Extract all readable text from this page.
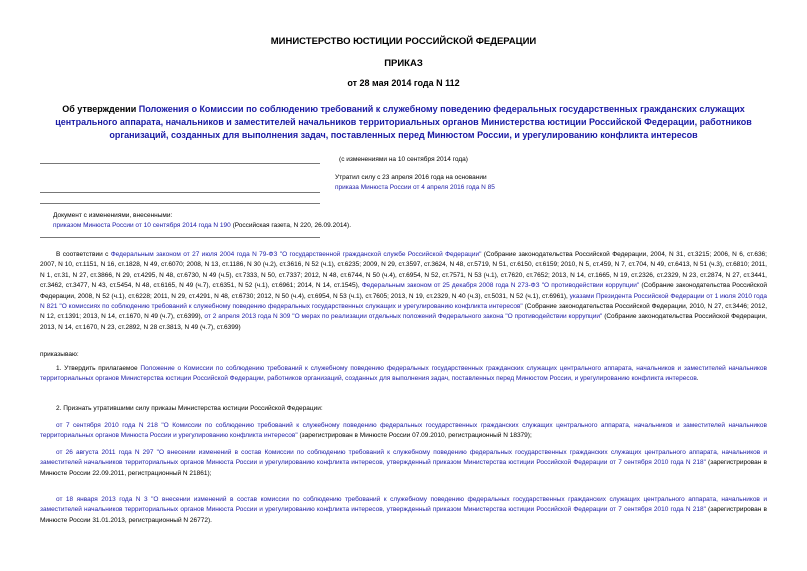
МИНИСТЕРСТВО ЮСТИЦИИ РОССИЙСКОЙ ФЕДЕРАЦИИ
ПРИКАЗ
от 28 мая 2014 года N 112
Об утверждении Положения о Комиссии по соблюдению требований к служебному поведению федеральных государственных гражданских служащих центрального аппарата, начальников и заместителей начальников территориальных органов Министерства юстиции Российской Федерации, работников организаций, созданных для выполнения задач, поставленных перед Минюстом России, и урегулированию конфликта интересов
(с изменениями на 10 сентября 2014 года)
Утратил силу с 23 апреля 2016 года на основании
приказа Минюста России от 4 апреля 2016 года N 85
Документ с изменениями, внесенными:
приказом Минюста России от 10 сентября 2014 года N 190 (Российская газета, N 220, 26.09.2014).
В соответствии с Федеральным законом от 27 июля 2004 года N 79-ФЗ "О государственной гражданской службе Российской Федерации" (Собрание законодательства Российской Федерации, 2004, N 31, ст.3215; 2006, N 6, ст.636; 2007, N 10, ст.1151, N 16, ст.1828, N 49, ст.6070; 2008, N 13, ст.1186, N 30 (ч.2), ст.3616, N 52 (ч.1), ст.6235; 2009, N 29, ст.3597, ст.3624, N 48, ст.5719, N 51, ст.6150, ст.6159; 2010, N 5, ст.459, N 7, ст.704, N 49, ст.6413, N 51 (ч.3), ст.6810; 2011, N 1, ст.31, N 27, ст.3866, N 29, ст.4295, N 48, ст.6730, N 49 (ч.5), ст.7333, N 50, ст.7337; 2012, N 48, ст.6744, N 50 (ч.4), ст.6954, N 52, ст.7571, N 53 (ч.1), ст.7620, ст.7652; 2013, N 14, ст.1665, N 19, ст.2326, ст.2329, N 23, ст.2874, N 27, ст.3441, ст.3462, ст.3477, N 43, ст.5454, N 48, ст.6165, N 49 (ч.7), ст.6351, N 52 (ч.1), ст.6961; 2014, N 14, ст.1545), Федеральным законом от 25 декабря 2008 года N 273-ФЗ "О противодействии коррупции" (Собрание законодательства Российской Федерации, 2008, N 52 (ч.1), ст.6228; 2011, N 29, ст.4291, N 48, ст.6730; 2012, N 50 (ч.4), ст.6954, N 53 (ч.1), ст.7605; 2013, N 19, ст.2329, N 40 (ч.3), ст.5031, N 52 (ч.1), ст.6961), указами Президента Российской Федерации от 1 июля 2010 года N 821 "О комиссиях по соблюдению требований к служебному поведению федеральных государственных служащих и урегулированию конфликта интересов" (Собрание законодательства Российской Федерации, 2010, N 27, ст.3446; 2012, N 12, ст.1391; 2013, N 14, ст.1670, N 49 (ч.7), ст.6399), от 2 апреля 2013 года N 309 "О мерах по реализации отдельных положений Федерального закона "О противодействии коррупции" (Собрание законодательства Российской Федерации, 2013, N 14, ст.1670, N 23, ст.2892, N 28 ст.3813, N 49 (ч.7), ст.6399)
приказываю:
1. Утвердить прилагаемое Положение о Комиссии по соблюдению требований к служебному поведению федеральных государственных гражданских служащих центрального аппарата, начальников и заместителей начальников территориальных органов Министерства юстиции Российской Федерации, работников организаций, созданных для выполнения задач, поставленных перед Минюстом России, и урегулированию конфликта интересов.
2. Признать утратившими силу приказы Министерства юстиции Российской Федерации:
от 7 сентября 2010 года N 218 "О Комиссии по соблюдению требований к служебному поведению федеральных государственных гражданских служащих центрального аппарата, начальников и заместителей начальников территориальных органов Минюста России и урегулированию конфликта интересов" (зарегистрирован в Минюсте России 07.09.2010, регистрационный N 18379);
от 26 августа 2011 года N 297 "О внесении изменений в состав Комиссии по соблюдению требований к служебному поведению федеральных государственных гражданских служащих центрального аппарата, начальников и заместителей начальников территориальных органов Минюста России и урегулированию конфликта интересов, утвержденный приказом Министерства юстиции Российской Федерации от 7 сентября 2010 года N 218" (зарегистрирован в Минюсте России 22.09.2011, регистрационный N 21861);
от 18 января 2013 года N 3 "О внесении изменений в состав комиссии по соблюдению требований к служебному поведению федеральных государственных гражданских служащих центрального аппарата, начальников и заместителей начальников территориальных органов Минюста России и урегулированию конфликта интересов, утвержденный приказом Министерства юстиции Российской Федерации от 7 сентября 2010 года N 218" (зарегистрирован в Минюсте России 31.01.2013, регистрационный N 26772).
